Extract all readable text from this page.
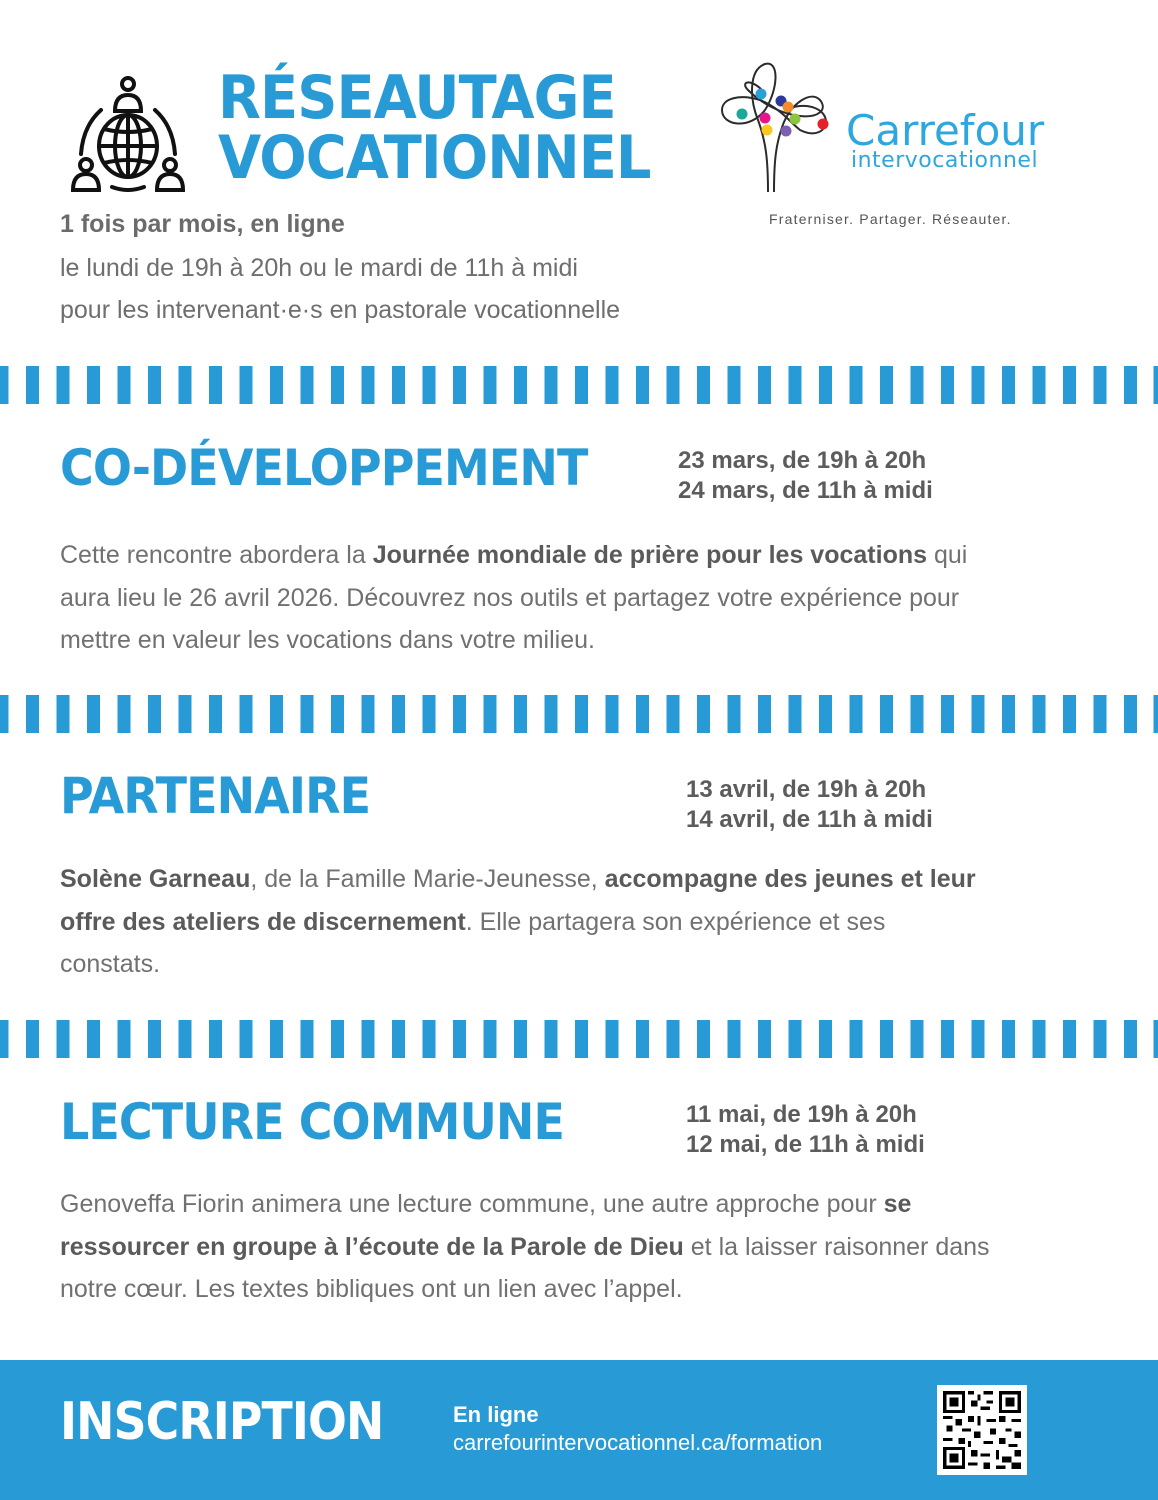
RÉSEAUTAGE
VOCATIONNEL	Carrefour
intervocationnel
Fraterniser. Partager. Réseauter.
1 fois par mois, en ligne
le lundi de 19h à 20h ou le mardi de 11h à midi
pour les intervenant·e·s en pastorale vocationnelle
CO-DÉVELOPPEMENT	23 mars, de 19h à 20h
24 mars, de 11h à midi
Cette rencontre abordera la Journée mondiale de prière pour les vocations qui aura lieu le 26 avril 2026. Découvrez nos outils et partagez votre expérience pour mettre en valeur les vocations dans votre milieu.
PARTENAIRE	13 avril, de 19h à 20h
14 avril, de 11h à midi
Solène Garneau, de la Famille Marie-Jeunesse, accompagne des jeunes et leur offre des ateliers de discernement. Elle partagera son expérience et ses constats.
LECTURE COMMUNE	11 mai, de 19h à 20h
12 mai, de 11h à midi
Genoveffa Fiorin animera une lecture commune, une autre approche pour se ressourcer en groupe à l’écoute de la Parole de Dieu et la laisser raisonner dans notre cœur. Les textes bibliques ont un lien avec l’appel.
INSCRIPTION	En ligne
carrefourintervocationnel.ca/formation
